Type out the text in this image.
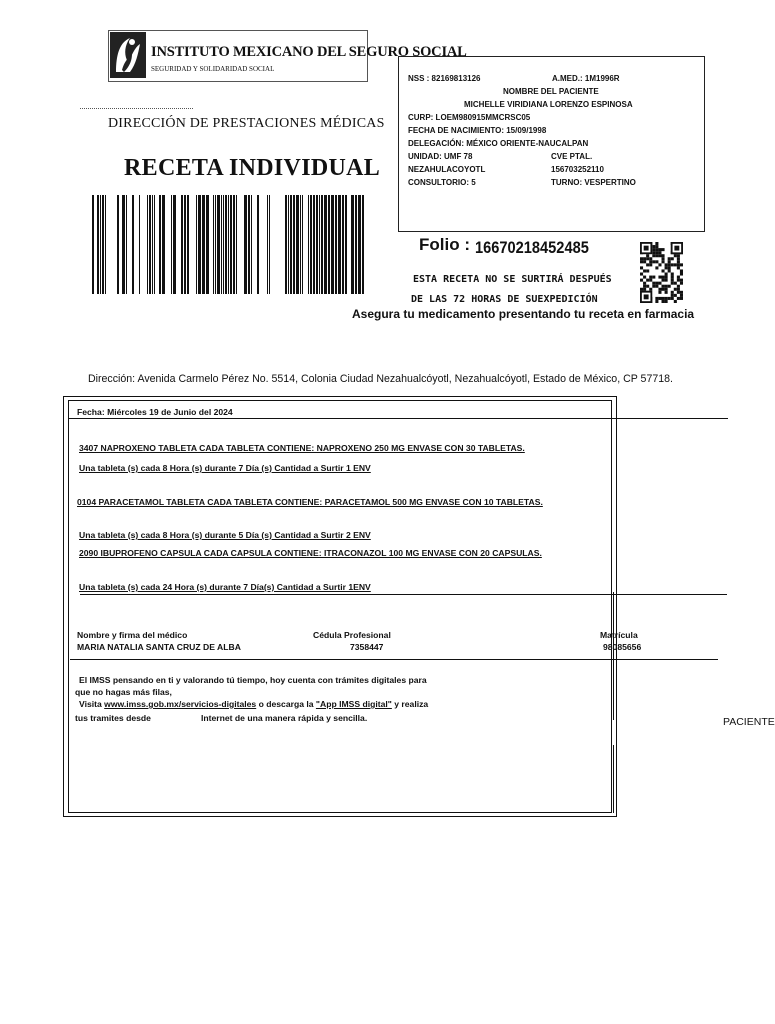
INSTITUTO MEXICANO DEL SEGURO SOCIAL
SEGURIDAD Y SOLIDARIDAD SOCIAL
DIRECCIÓN DE PRESTACIONES MÉDICAS
RECETA INDIVIDUAL
NSS : 82169813126	A.MED.: 1M1996R
NOMBRE DEL PACIENTE
MICHELLE VIRIDIANA LORENZO ESPINOSA
CURP: LOEM980915MMCRSC05
FECHA DE NACIMIENTO: 15/09/1998
DELEGACIÓN: MÉXICO ORIENTE-NAUCALPAN
UNIDAD: UMF 78	CVE PTAL.
NEZAHULACOYOTL	156703252110
CONSULTORIO: 5	TURNO: VESPERTINO
Folio : 16670218452485
ESTA RECETA NO SE SURTIRÁ DESPUÉS
DE LAS 72 HORAS DE SUEXPEDICIÓN
Asegura tu medicamento presentando tu receta en farmacia
Dirección: Avenida Carmelo Pérez No. 5514, Colonia Ciudad Nezahualcóyotl, Nezahualcóyotl, Estado de México, CP 57718.
Fecha: Miércoles 19 de Junio del 2024
3407 NAPROXENO TABLETA CADA TABLETA CONTIENE: NAPROXENO 250 MG ENVASE CON 30 TABLETAS.
Una tableta (s) cada 8 Hora (s) durante 7 Día (s) Cantidad a Surtir 1 ENV
0104 PARACETAMOL TABLETA CADA TABLETA CONTIENE: PARACETAMOL 500 MG ENVASE CON 10 TABLETAS.
Una tableta (s) cada 8 Hora (s) durante 5 Día (s) Cantidad a Surtir 2 ENV
2090 IBUPROFENO CAPSULA CADA CAPSULA CONTIENE: ITRACONAZOL 100 MG ENVASE CON 20 CAPSULAS.
Una tableta (s) cada 24 Hora (s) durante 7 Día(s) Cantidad a Surtir 1ENV
Nombre y firma del médico
MARIA NATALIA SANTA CRUZ DE ALBA
Cédula Profesional
7358447
Matrícula
98085656
El IMSS pensando en ti y valorando tú tiempo, hoy cuenta con trámites digitales para
que no hagas más filas,
Visita www.imss.gob.mx/servicios-digitales o descarga la "App IMSS digital" y realiza
tus tramites desde	Internet de una manera rápida y sencilla.	PACIENTE
